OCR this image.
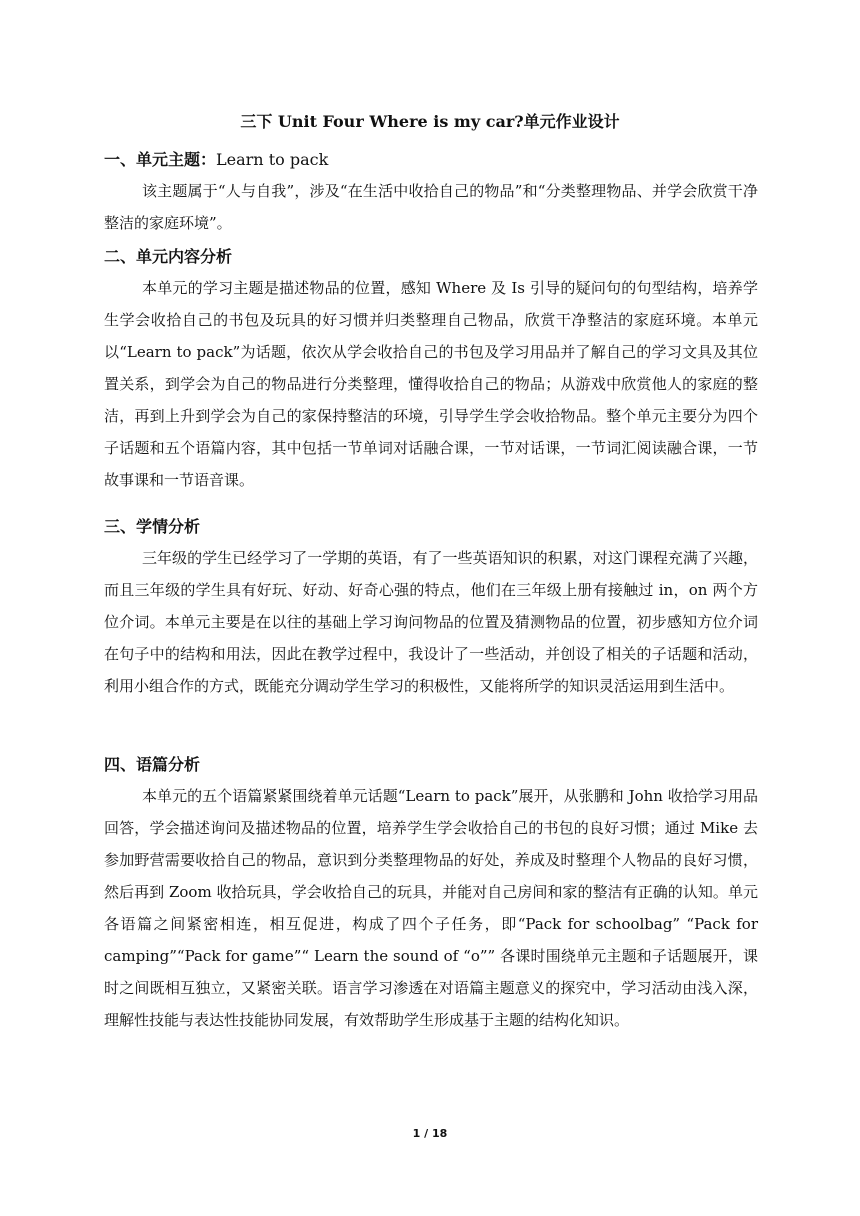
三下 Unit Four Where is my car?单元作业设计
一、单元主题：Learn to pack

该主题属于“人与自我”，涉及“在生活中收拾自己的物品”和“分类整理物品、并学会欣赏干净整洁的家庭环境”。

二、单元内容分析

本单元的学习主题是描述物品的位置，感知 Where 及 Is 引导的疑问句的句型结构，培养学生学会收拾自己的书包及玩具的好习惯并归类整理自己物品，欣赏干净整洁的家庭环境。本单元以“Learn to pack”为话题，依次从学会收拾自己的书包及学习用品并了解自己的学习文具及其位置关系，到学会为自己的物品进行分类整理，懂得收拾自己的物品；从游戏中欣赏他人的家庭的整洁，再到上升到学会为自己的家保持整洁的环境，引导学生学会收拾物品。整个单元主要分为四个子话题和五个语篇内容，其中包括一节单词对话融合课，一节对话课，一节词汇阅读融合课，一节故事课和一节语音课。

三、学情分析

三年级的学生已经学习了一学期的英语，有了一些英语知识的积累，对这门课程充满了兴趣，而且三年级的学生具有好玩、好动、好奇心强的特点，他们在三年级上册有接触过 in，on 两个方位介词。本单元主要是在以往的基础上学习询问物品的位置及猜测物品的位置，初步感知方位介词在句子中的结构和用法，因此在教学过程中，我设计了一些活动，并创设了相关的子话题和活动，利用小组合作的方式，既能充分调动学生学习的积极性，又能将所学的知识灵活运用到生活中。

四、语篇分析

本单元的五个语篇紧紧围绕着单元话题“Learn to pack”展开，从张鹏和 John 收拾学习用品回答，学会描述询问及描述物品的位置，培养学生学会收拾自己的书包的良好习惯；通过 Mike 去参加野营需要收拾自己的物品，意识到分类整理物品的好处，养成及时整理个人物品的良好习惯，然后再到 Zoom 收拾玩具，学会收拾自己的玩具，并能对自己房间和家的整洁有正确的认知。单元各语篇之间紧密相连，相互促进，构成了四个子任务，即“Pack for schoolbag” “Pack for camping”“Pack for game”“ Learn the sound of “o”” 各课时围绕单元主题和子话题展开，课时之间既相互独立，又紧密关联。语言学习渗透在对语篇主题意义的探究中，学习活动由浅入深，理解性技能与表达性技能协同发展，有效帮助学生形成基于主题的结构化知识。

1 / 18
